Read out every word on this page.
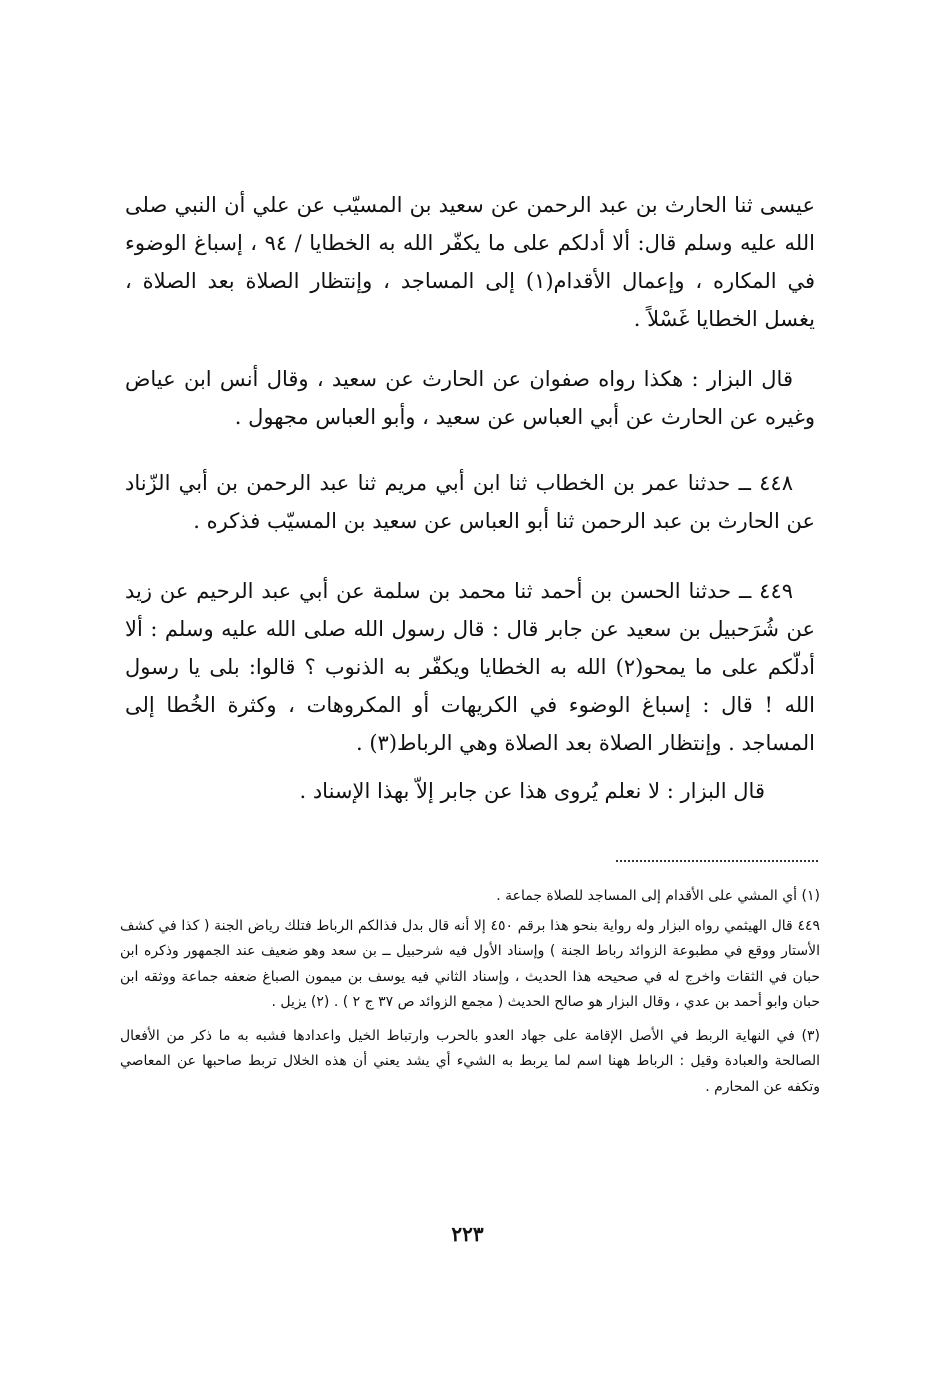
عيسى ثنا الحارث بن عبد الرحمن عن سعيد بن المسيّب عن علي أن النبي صلى الله عليه وسلم قال: ألا أدلكم على ما يكفّر الله به الخطايا / ٩٤ ، إسباغ الوضوء في المكاره ، وإعمال الأقدام(١) إلى المساجد ، وإنتظار الصلاة بعد الصلاة ، يغسل الخطايا غَسْلاً .

قال البزار : هكذا رواه صفوان عن الحارث عن سعيد ، وقال أنس ابن عياض وغيره عن الحارث عن أبي العباس عن سعيد ، وأبو العباس مجهول .

٤٤٨ ــ حدثنا عمر بن الخطاب ثنا ابن أبي مريم ثنا عبد الرحمن بن أبي الزّناد عن الحارث بن عبد الرحمن ثنا أبو العباس عن سعيد بن المسيّب فذكره .

٤٤٩ ــ حدثنا الحسن بن أحمد ثنا محمد بن سلمة عن أبي عبد الرحيم عن زيد عن شُرَحبيل بن سعيد عن جابر قال : قال رسول الله صلى الله عليه وسلم : ألا أدلّكم على ما يمحو(٢) الله به الخطايا ويكفّر به الذنوب ؟ قالوا: بلى يا رسول الله ! قال : إسباغ الوضوء في الكريهات أو المكروهات ، وكثرة الخُطا إلى المساجد . وإنتظار الصلاة بعد الصلاة وهي الرباط(٣) .

قال البزار : لا نعلم يُروى هذا عن جابر إلاّ بهذا الإسناد .

(١) أي المشي على الأقدام إلى المساجد للصلاة جماعة .

٤٤٩ قال الهيثمي رواه البزار وله رواية بنحو هذا برقم ٤٥٠ إلا أنه قال بدل فذالكم الرباط فتلك رياض الجنة ( كذا في كشف الأستار ووقع في مطبوعة الزوائد رباط الجنة ) وإسناد الأول فيه شرحبيل ــ بن سعد وهو ضعيف عند الجمهور وذكره ابن حبان في الثقات واخرج له في صحيحه هذا الحديث ، وإسناد الثاني فيه يوسف بن ميمون الصباغ ضعفه جماعة ووثقه ابن حبان وابو أحمد بن عدي ، وقال البزار هو صالح الحديث ( مجمع الزوائد ص ٣٧ ج ٢ ) . (٢) يزيل .

(٣) في النهاية الربط في الأصل الإقامة على جهاد العدو بالحرب وارتباط الخيل واعدادها فشبه به ما ذكر من الأفعال الصالحة والعبادة وقيل : الرباط ههنا اسم لما يربط به الشيء أي يشد يعني أن هذه الخلال تربط صاحبها عن المعاصي وتكفه عن المحارم .

٢٢٣
